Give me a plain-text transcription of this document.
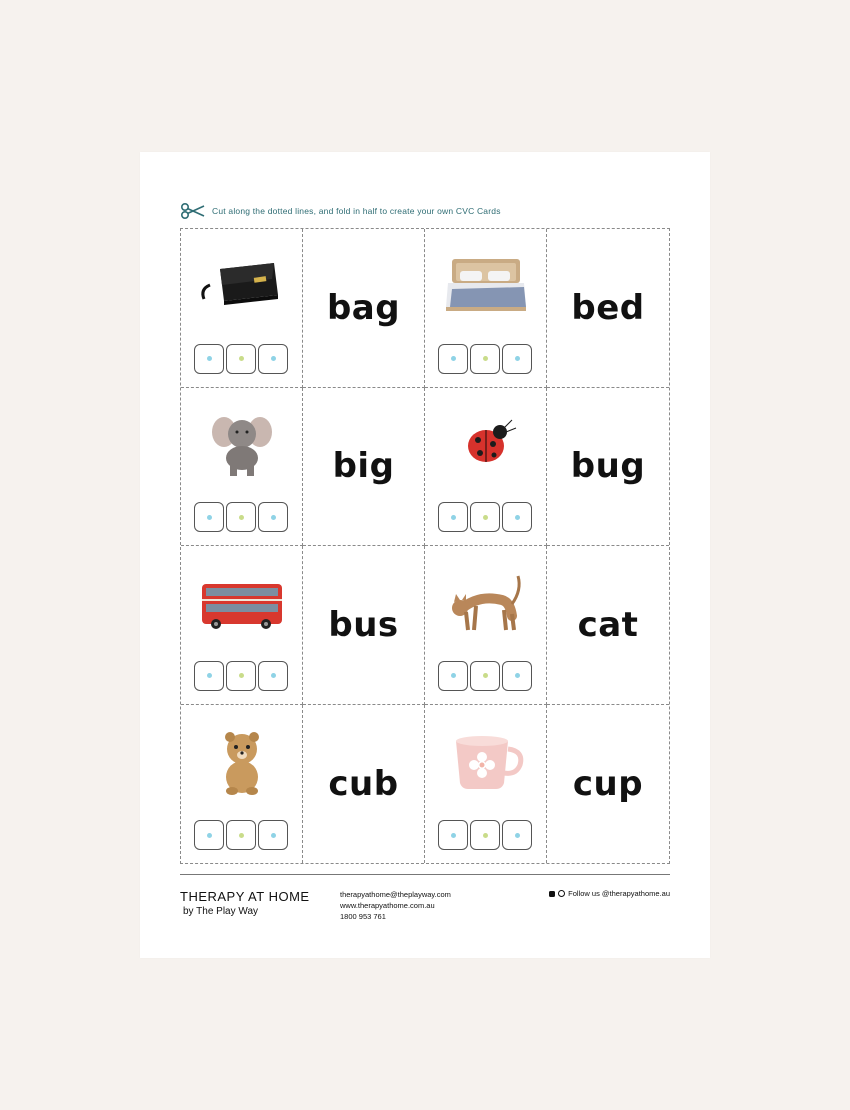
Cut along the dotted lines, and fold in half to create your own CVC Cards
bag	bed
big	bug
bus	cat
cub	cup
THERAPY AT HOME
by The Play Way
therapyathome@theplayway.com
www.therapyathome.com.au
1800 953 761
Follow us @therapyathome.au
